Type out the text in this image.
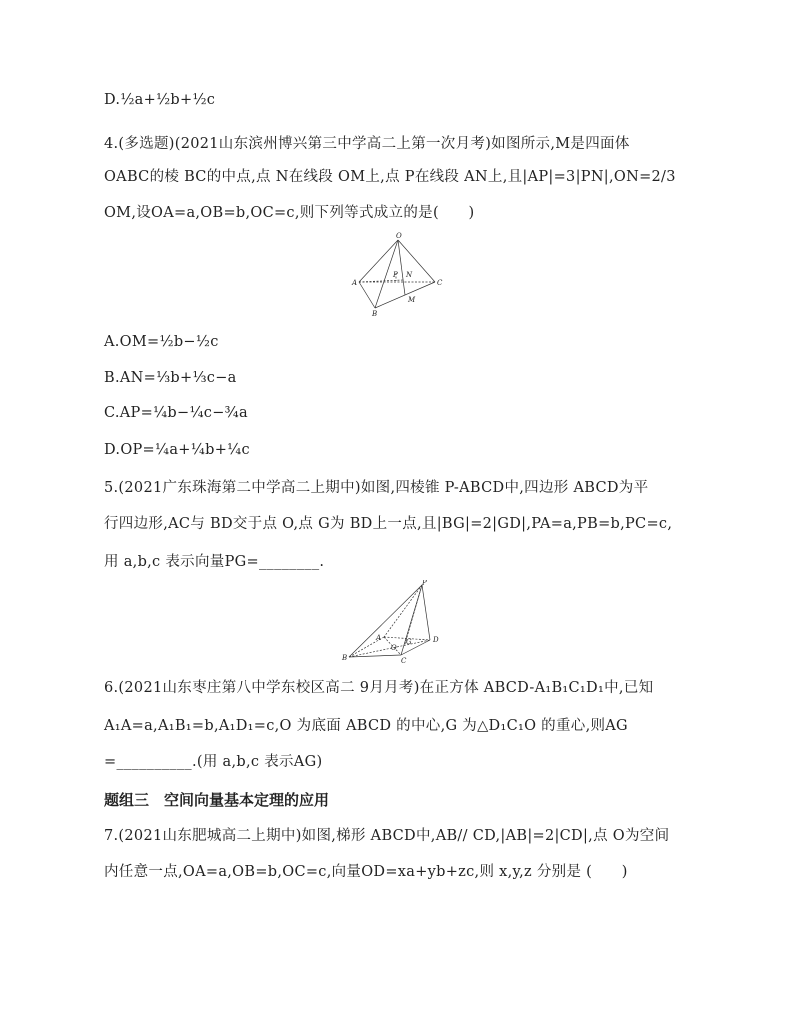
D.½a+½b+½c
4.(多选题)(2021山东滨州博兴第三中学高二上第一次月考)如图所示,M是四面体
OABC的棱 BC的中点,点 N在线段 OM上,点 P在线段 AN上,且|AP|=3|PN|,ON=2/3
OM,设OA=a,OB=b,OC=c,则下列等式成立的是(　　)
O
A
B
C
P N
M
A.OM=½b−½c
B.AN=⅓b+⅓c−a
C.AP=¼b−¼c−¾a
D.OP=¼a+¼b+¼c
5.(2021广东珠海第二中学高二上期中)如图,四棱锥 P-ABCD中,四边形 ABCD为平
行四边形,AC与 BD交于点 O,点 G为 BD上一点,且|BG|=2|GD|,PA=a,PB=b,PC=c,
用 a,b,c 表示向量PG=________.
P
A
B	C
D
O
G
6.(2021山东枣庄第八中学东校区高二 9月月考)在正方体 ABCD-A₁B₁C₁D₁中,已知
A₁A=a,A₁B₁=b,A₁D₁=c,O 为底面 ABCD 的中心,G 为△D₁C₁O 的重心,则AG
=__________.(用 a,b,c 表示AG)
题组三　空间向量基本定理的应用
7.(2021山东肥城高二上期中)如图,梯形 ABCD中,AB// CD,|AB|=2|CD|,点 O为空间
内任意一点,OA=a,OB=b,OC=c,向量OD=xa+yb+zc,则 x,y,z 分别是 (　　)
